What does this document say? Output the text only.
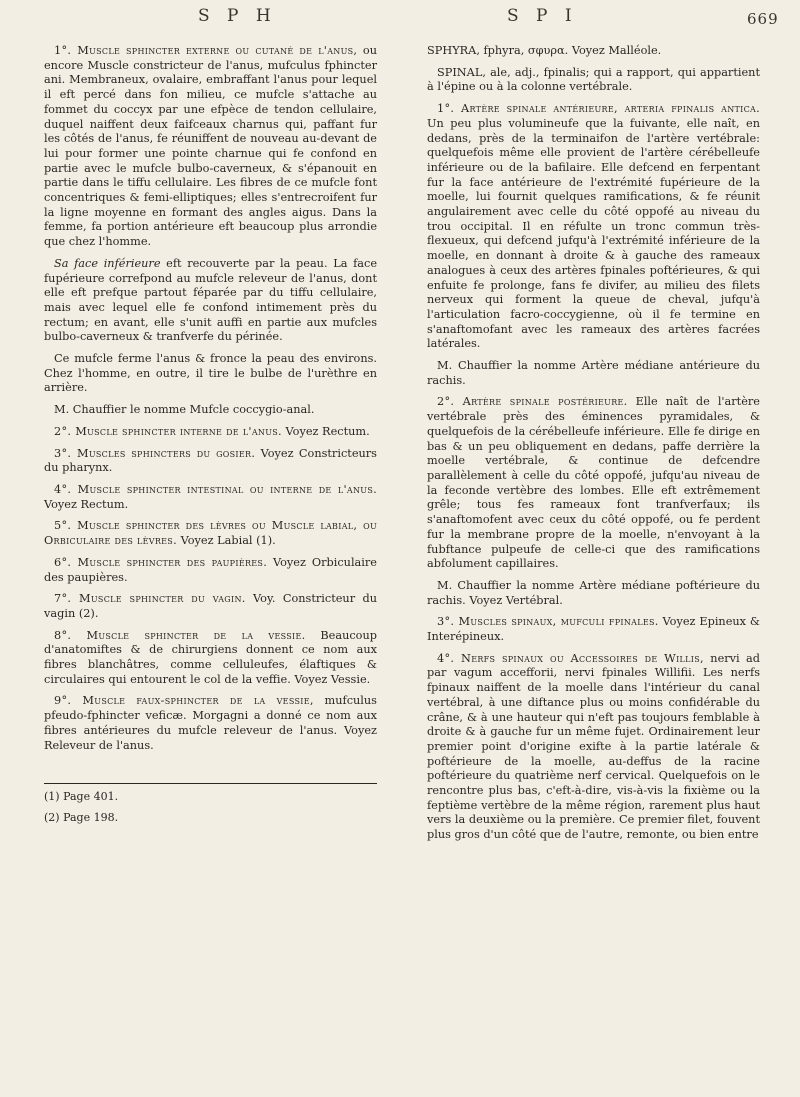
S P H	S P I	669

1°. Muscle sphincter externe ou cutané de l'anus, ou encore Muscle constricteur de l'anus, mufculus fphincter ani. Membraneux, ovalaire, embraffant l'anus pour lequel il eft percé dans fon milieu, ce mufcle s'attache au fommet du coccyx par une efpèce de tendon cellulaire, duquel naiffent deux faifceaux charnus qui, paffant fur les côtés de l'anus, fe réuniffent de nouveau au-devant de lui pour former une pointe charnue qui fe confond en partie avec le mufcle bulbo-caverneux, & s'épanouit en partie dans le tiffu cellulaire. Les fibres de ce mufcle font concentriques & femi-elliptiques; elles s'entrecroifent fur la ligne moyenne en formant des angles aigus. Dans la femme, fa portion antérieure eft beaucoup plus arrondie que chez l'homme.

Sa face inférieure eft recouverte par la peau. La face fupérieure correfpond au mufcle releveur de l'anus, dont elle eft prefque partout féparée par du tiffu cellulaire, mais avec lequel elle fe confond intimement près du rectum; en avant, elle s'unit auffi en partie aux mufcles bulbo-caverneux & tranfverfe du périnée.

Ce mufcle ferme l'anus & fronce la peau des environs. Chez l'homme, en outre, il tire le bulbe de l'urèthre en arrière.

M. Chauffier le nomme Mufcle coccygio-anal.

2°. Muscle sphincter interne de l'anus. Voyez Rectum.

3°. Muscles sphincters du gosier. Voyez Constricteurs du pharynx.

4°. Muscle sphincter intestinal ou interne de l'anus. Voyez Rectum.

5°. Muscle sphincter des lèvres ou Muscle labial, ou Orbiculaire des lèvres. Voyez Labial (1).

6°. Muscle sphincter des paupières. Voyez Orbiculaire des paupières.

7°. Muscle sphincter du vagin. Voy. Constricteur du vagin (2).

8°. Muscle sphincter de la vessie. Beaucoup d'anatomiftes & de chirurgiens donnent ce nom aux fibres blanchâtres, comme celluleufes, élaftiques & circulaires qui entourent le col de la veffie. Voyez Vessie.

9°. Muscle faux-sphincter de la vessie, mufculus pfeudo-fphincter veficæ. Morgagni a donné ce nom aux fibres antérieures du mufcle releveur de l'anus. Voyez Releveur de l'anus.

(1) Page 401.

(2) Page 198.

SPHYRA, fphyra, σφυρα. Voyez Malléole.

SPINAL, ale, adj., fpinalis; qui a rapport, qui appartient à l'épine ou à la colonne vertébrale.

1°. Artère spinale antérieure, arteria fpinalis antica. Un peu plus volumineufe que la fuivante, elle naît, en dedans, près de la terminaifon de l'artère vertébrale: quelquefois même elle provient de l'artère cérébelleufe inférieure ou de la bafilaire. Elle defcend en ferpentant fur la face antérieure de l'extrémité fupérieure de la moelle, lui fournit quelques ramifications, & fe réunit angulairement avec celle du côté oppofé au niveau du trou occipital. Il en réfulte un tronc commun très-flexueux, qui defcend jufqu'à l'extrémité inférieure de la moelle, en donnant à droite & à gauche des rameaux analogues à ceux des artères fpinales poftérieures, & qui enfuite fe prolonge, fans fe divifer, au milieu des filets nerveux qui forment la queue de cheval, jufqu'à l'articulation facro-coccygienne, où il fe termine en s'anaftomofant avec les rameaux des artères facrées latérales.

M. Chauffier la nomme Artère médiane antérieure du rachis.

2°. Artère spinale postérieure. Elle naît de l'artère vertébrale près des éminences pyramidales, & quelquefois de la cérébelleufe inférieure. Elle fe dirige en bas & un peu obliquement en dedans, paffe derrière la moelle vertébrale, & continue de defcendre parallèlement à celle du côté oppofé, jufqu'au niveau de la feconde vertèbre des lombes. Elle eft extrêmement grêle; tous fes rameaux font tranfverfaux; ils s'anaftomofent avec ceux du côté oppofé, ou fe perdent fur la membrane propre de la moelle, n'envoyant à la fubftance pulpeufe de celle-ci que des ramifications abfolument capillaires.

M. Chauffier la nomme Artère médiane poftérieure du rachis. Voyez Vertébral.

3°. Muscles spinaux, mufculi fpinales. Voyez Epineux & Interépineux.

4°. Nerfs spinaux ou Accessoires de Willis, nervi ad par vagum accefforii, nervi fpinales Willifii. Les nerfs fpinaux naiffent de la moelle dans l'intérieur du canal vertébral, à une diftance plus ou moins confidérable du crâne, & à une hauteur qui n'eft pas toujours femblable à droite & à gauche fur un même fujet. Ordinairement leur premier point d'origine exifte à la partie latérale & poftérieure de la moelle, au-deffus de la racine poftérieure du quatrième nerf cervical. Quelquefois on le rencontre plus bas, c'eft-à-dire, vis-à-vis la fixième ou la feptième vertèbre de la même région, rarement plus haut vers la deuxième ou la première. Ce premier filet, fouvent plus gros d'un côté que de l'autre, remonte, ou bien entre
